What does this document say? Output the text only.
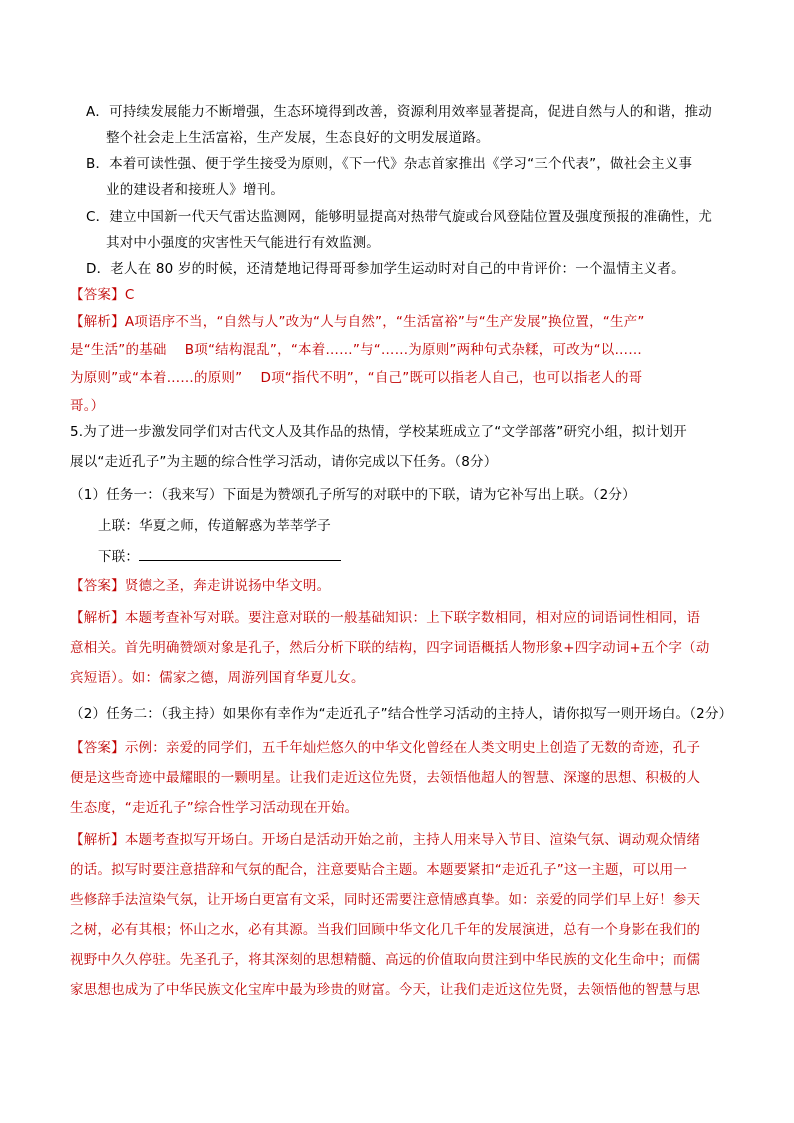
A．可持续发展能力不断增强，生态环境得到改善，资源利用效率显著提高，促进自然与人的和谐，推动
整个社会走上生活富裕，生产发展，生态良好的文明发展道路。
B．本着可读性强、便于学生接受为原则，《下一代》杂志首家推出《学习“三个代表”，做社会主义事
业的建设者和接班人》增刊。
C．建立中国新一代天气雷达监测网，能够明显提高对热带气旋或台风登陆位置及强度预报的准确性，尤
其对中小强度的灾害性天气能进行有效监测。
D．老人在 80 岁的时候，还清楚地记得哥哥参加学生运动时对自己的中肯评价：一个温情主义者。
【答案】C
【解析】A项语序不当，“自然与人”改为“人与自然”，“生活富裕”与“生产发展”换位置，“生产”
是“生活”的基础　 B项“结构混乱”，“本着……”与“……为原则”两种句式杂糅，可改为“以……
为原则”或“本着……的原则”　 D项“指代不明”，“自己”既可以指老人自己，也可以指老人的哥
哥。）
5.为了进一步激发同学们对古代文人及其作品的热情，学校某班成立了“文学部落”研究小组，拟计划开
展以“走近孔子”为主题的综合性学习活动，请你完成以下任务。（8分）
（1）任务一：（我来写）下面是为赞颂孔子所写的对联中的下联，请为它补写出上联。（2分）
上联：华夏之师，传道解惑为莘莘学子
下联：
【答案】贤德之圣，奔走讲说扬中华文明。
【解析】本题考查补写对联。要注意对联的一般基础知识：上下联字数相同，相对应的词语词性相同，语
意相关。首先明确赞颂对象是孔子，然后分析下联的结构，四字词语概括人物形象+四字动词+五个字（动
宾短语）。如：儒家之德，周游列国育华夏儿女。
（2）任务二：（我主持）如果你有幸作为“走近孔子”结合性学习活动的主持人，请你拟写一则开场白。（2分）
【答案】示例：亲爱的同学们，五千年灿烂悠久的中华文化曾经在人类文明史上创造了无数的奇迹，孔子
便是这些奇迹中最耀眼的一颗明星。让我们走近这位先贤，去领悟他超人的智慧、深邃的思想、积极的人
生态度，“走近孔子”综合性学习活动现在开始。
【解析】本题考查拟写开场白。开场白是活动开始之前，主持人用来导入节目、渲染气氛、调动观众情绪
的话。拟写时要注意措辞和气氛的配合，注意要贴合主题。本题要紧扣“走近孔子”这一主题，可以用一
些修辞手法渲染气氛，让开场白更富有文采，同时还需要注意情感真挚。如：亲爱的同学们早上好！参天
之树，必有其根；怀山之水，必有其源。当我们回顾中华文化几千年的发展演进，总有一个身影在我们的
视野中久久停驻。先圣孔子，将其深刻的思想精髓、高远的价值取向贯注到中华民族的文化生命中；而儒
家思想也成为了中华民族文化宝库中最为珍贵的财富。今天，让我们走近这位先贤，去领悟他的智慧与思
